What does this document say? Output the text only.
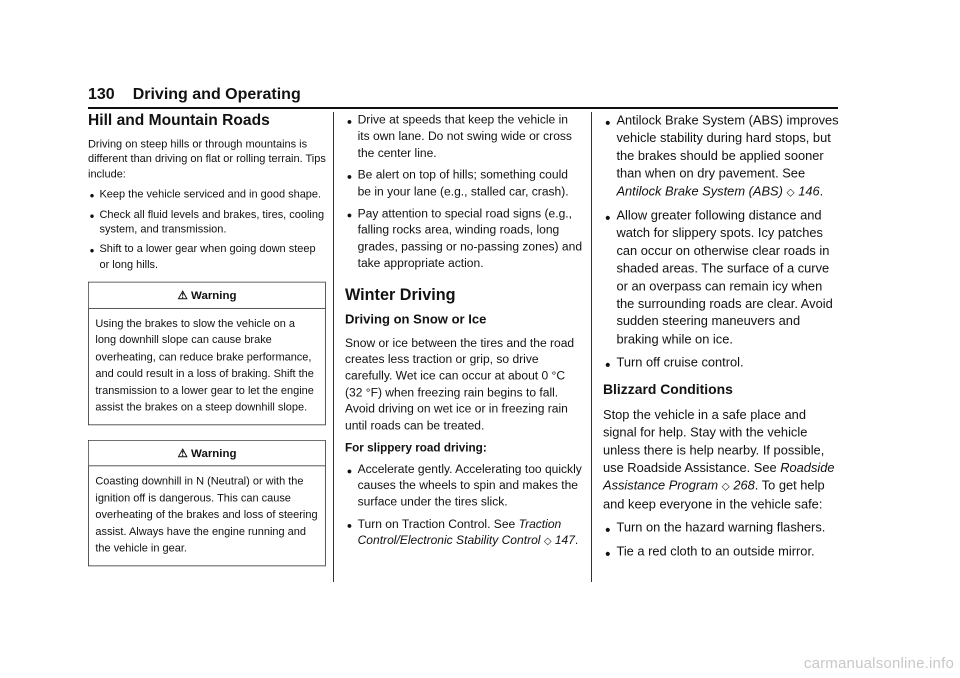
130 Driving and Operating
Hill and Mountain Roads

Driving on steep hills or through mountains is different than driving on flat or rolling terrain. Tips include:

● Keep the vehicle serviced and in good shape.
● Check all fluid levels and brakes, tires, cooling system, and transmission.
● Shift to a lower gear when going down steep or long hills.
⚠ Warning
Using the brakes to slow the vehicle on a long downhill slope can cause brake overheating, can reduce brake performance, and could result in a loss of braking. Shift the transmission to a lower gear to let the engine assist the brakes on a steep downhill slope.
⚠ Warning
Coasting downhill in N (Neutral) or with the ignition off is dangerous. This can cause overheating of the brakes and loss of steering assist. Always have the engine running and the vehicle in gear.
● Drive at speeds that keep the vehicle in its own lane. Do not swing wide or cross the center line.
● Be alert on top of hills; something could be in your lane (e.g., stalled car, crash).
● Pay attention to special road signs (e.g., falling rocks area, winding roads, long grades, passing or no-passing zones) and take appropriate action.
Winter Driving
Driving on Snow or Ice

Snow or ice between the tires and the road creates less traction or grip, so drive carefully. Wet ice can occur at about 0 °C (32 °F) when freezing rain begins to fall. Avoid driving on wet ice or in freezing rain until roads can be treated.

For slippery road driving:

● Accelerate gently. Accelerating too quickly causes the wheels to spin and makes the surface under the tires slick.
● Turn on Traction Control. See Traction Control/Electronic Stability Control ◇ 147.
● Antilock Brake System (ABS) improves vehicle stability during hard stops, but the brakes should be applied sooner than when on dry pavement. See Antilock Brake System (ABS) ◇ 146.
● Allow greater following distance and watch for slippery spots. Icy patches can occur on otherwise clear roads in shaded areas. The surface of a curve or an overpass can remain icy when the surrounding roads are clear. Avoid sudden steering maneuvers and braking while on ice.
● Turn off cruise control.
Blizzard Conditions

Stop the vehicle in a safe place and signal for help. Stay with the vehicle unless there is help nearby. If possible, use Roadside Assistance. See Roadside Assistance Program ◇ 268. To get help and keep everyone in the vehicle safe:

● Turn on the hazard warning flashers.
● Tie a red cloth to an outside mirror.
carmanualsonline.info
